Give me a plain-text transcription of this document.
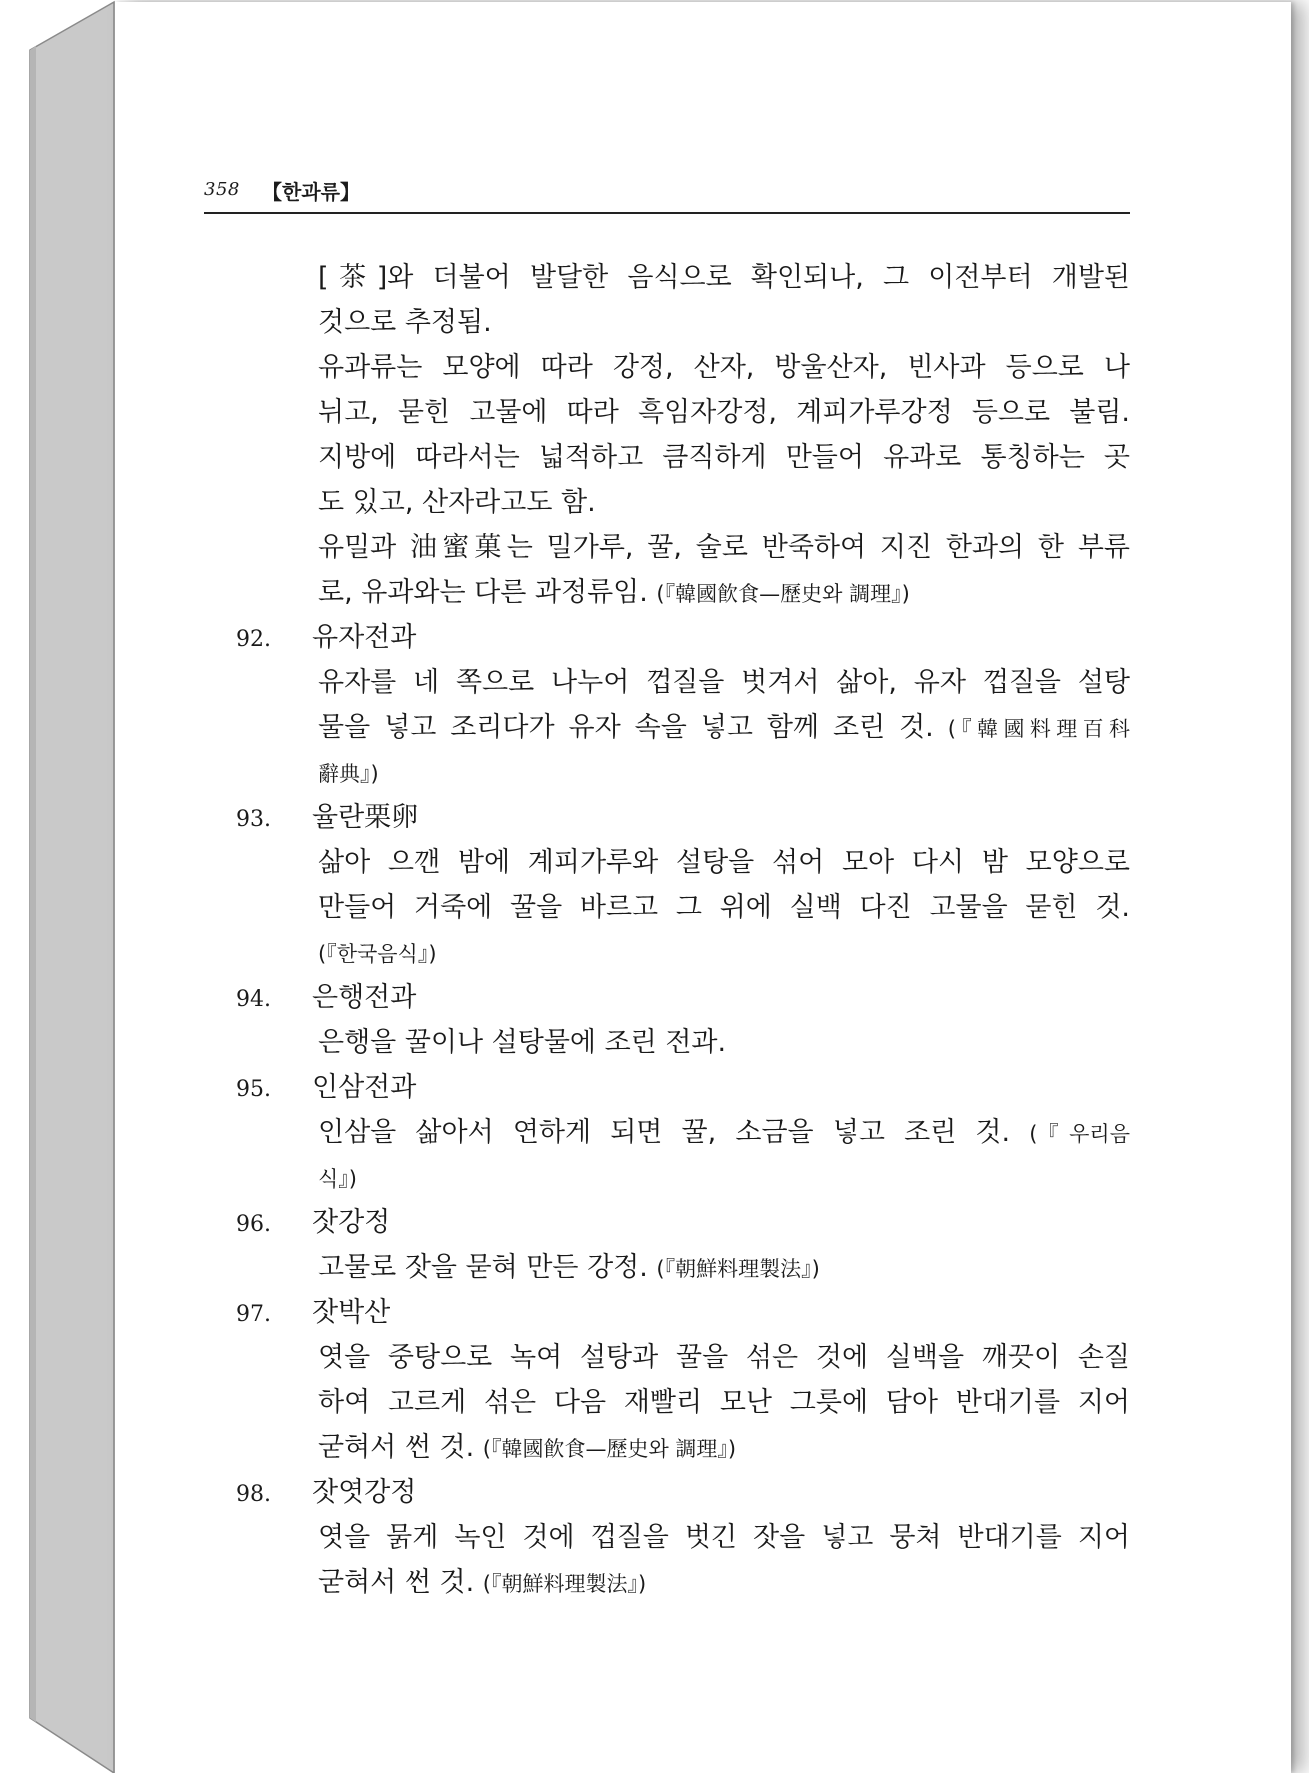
358 【한과류】
[茶]와 더불어 발달한 음식으로 확인되나, 그 이전부터 개발된
것으로 추정됨.
유과류는 모양에 따라 강정, 산자, 방울산자, 빈사과 등으로 나
뉘고, 묻힌 고물에 따라 흑임자강정, 계피가루강정 등으로 불림.
지방에 따라서는 넓적하고 큼직하게 만들어 유과로 통칭하는 곳
도 있고, 산자라고도 함.
유밀과 油蜜菓는 밀가루, 꿀, 술로 반죽하여 지진 한과의 한 부류
로, 유과와는 다른 과정류임. (『韓國飮食—歷史와 調理』)
92. 유자전과
유자를 네 쪽으로 나누어 껍질을 벗겨서 삶아, 유자 껍질을 설탕
물을 넣고 조리다가 유자 속을 넣고 함께 조린 것. (『韓國料理百科
辭典』)
93. 율란栗卵
삶아 으깬 밤에 계피가루와 설탕을 섞어 모아 다시 밤 모양으로
만들어 거죽에 꿀을 바르고 그 위에 실백 다진 고물을 묻힌 것.
(『한국음식』)
94. 은행전과
은행을 꿀이나 설탕물에 조린 전과.
95. 인삼전과
인삼을 삶아서 연하게 되면 꿀, 소금을 넣고 조린 것. (『우리음
식』)
96. 잣강정
고물로 잣을 묻혀 만든 강정. (『朝鮮料理製法』)
97. 잣박산
엿을 중탕으로 녹여 설탕과 꿀을 섞은 것에 실백을 깨끗이 손질
하여 고르게 섞은 다음 재빨리 모난 그릇에 담아 반대기를 지어
굳혀서 썬 것. (『韓國飮食—歷史와 調理』)
98. 잣엿강정
엿을 묽게 녹인 것에 껍질을 벗긴 잣을 넣고 뭉쳐 반대기를 지어
굳혀서 썬 것. (『朝鮮料理製法』)
